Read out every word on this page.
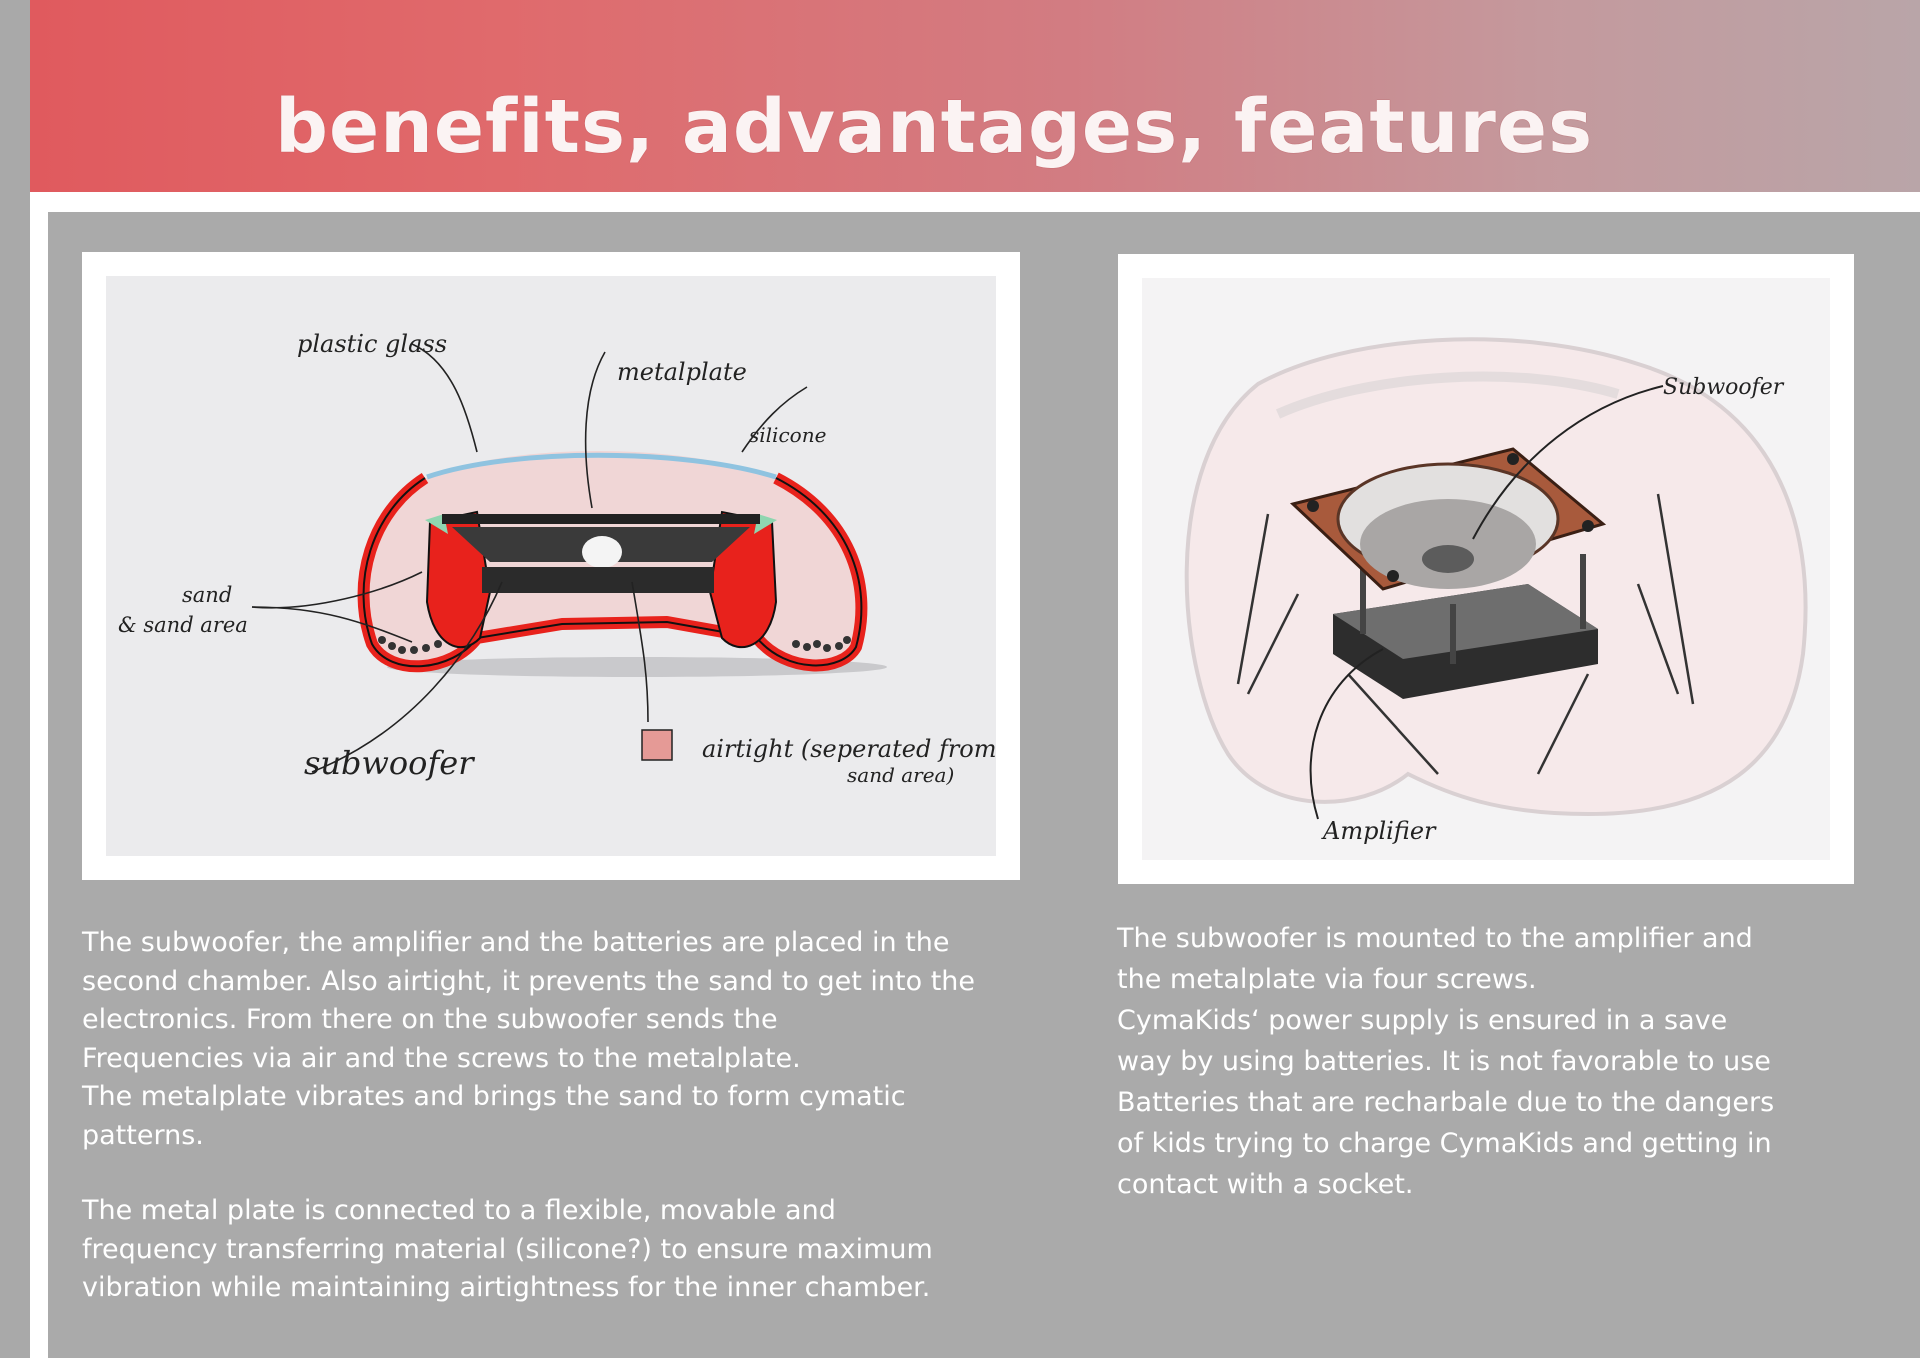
benefits, advantages, features
plastic glass
metalplate
silicone
sand
& sand area
subwoofer	airtight (seperated from
sand area)
Subwoofer
Amplifier

The subwoofer, the amplifier and the batteries are placed in the
second chamber. Also airtight, it prevents the sand to get into the
electronics. From there on the subwoofer sends the
Frequencies via air and the screws to the metalplate.
The metalplate vibrates and brings the sand to form cymatic
patterns.

The metal plate is connected to a flexible, movable and
frequency transferring material (silicone?) to ensure maximum
vibration while maintaining airtightness for the inner chamber.

The subwoofer is mounted to the amplifier and
the metalplate via four screws.
CymaKids‘ power supply is ensured in a save
way by using batteries. It is not favorable to use
Batteries that are recharbale due to the dangers
of kids trying to charge CymaKids and getting in
contact with a socket.
